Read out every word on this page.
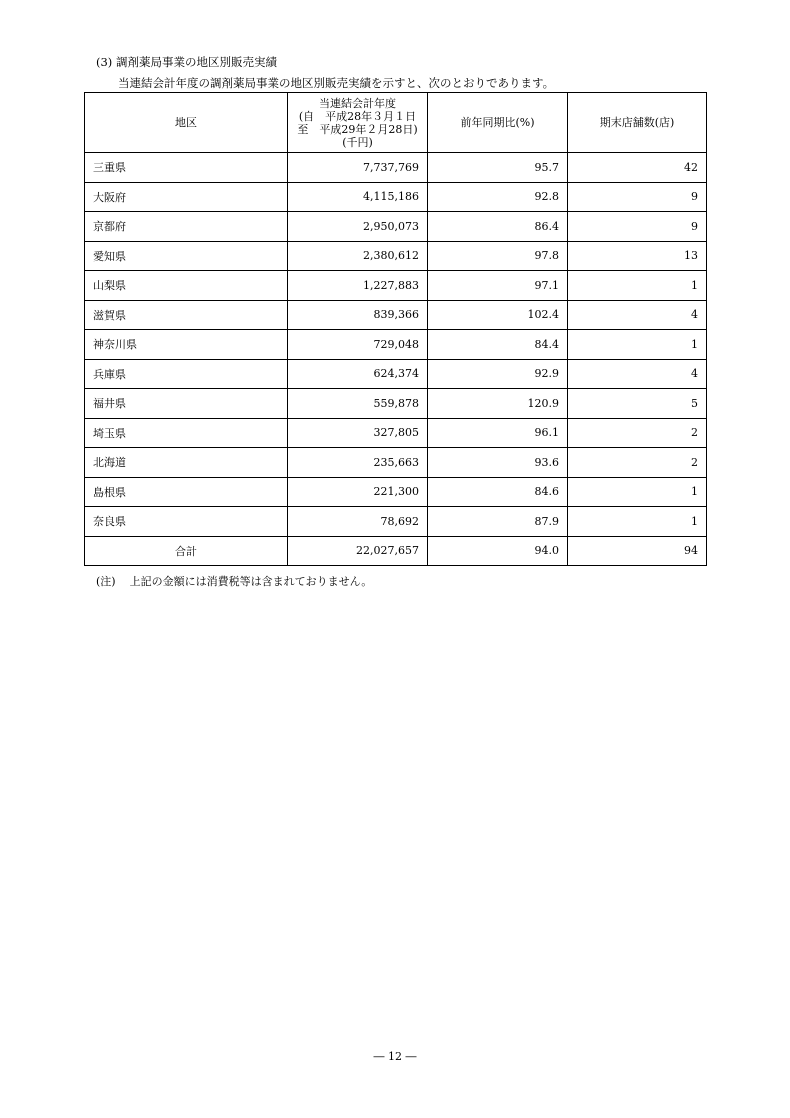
(3) 調剤薬局事業の地区別販売実績
当連結会計年度の調剤薬局事業の地区別販売実績を示すと、次のとおりであります。
地区	当連結会計年度
(自　平成28年３月１日
至　平成29年２月28日)
(千円)	前年同期比(%)	期末店舗数(店)
三重県	7,737,769	95.7	42
大阪府	4,115,186	92.8	9
京都府	2,950,073	86.4	9
愛知県	2,380,612	97.8	13
山梨県	1,227,883	97.1	1
滋賀県	839,366	102.4	4
神奈川県	729,048	84.4	1
兵庫県	624,374	92.9	4
福井県	559,878	120.9	5
埼玉県	327,805	96.1	2
北海道	235,663	93.6	2
島根県	221,300	84.6	1
奈良県	78,692	87.9	1
合計	22,027,657	94.0	94
(注) 上記の金額には消費税等は含まれておりません。
― 12 ―
